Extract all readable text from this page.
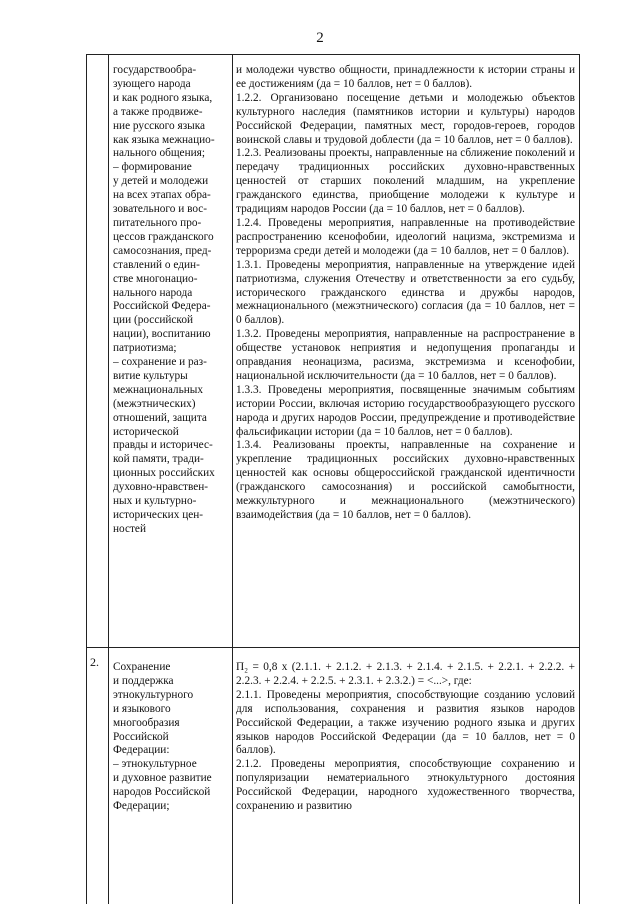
2
государствообра-
зующего народа
и как родного языка,
а также продвиже-
ние русского языка
как языка межнацио-
нального общения;
– формирование
у детей и молодежи
на всех этапах обра-
зовательного и вос-
питательного про-
цессов гражданского
самосознания, пред-
ставлений о един-
стве многонацио-
нального народа
Российской Федера-
ции (российской
нации), воспитанию
патриотизма;
– сохранение и раз-
витие культуры
межнациональных
(межэтнических)
отношений, защита
исторической
правды и историчес-
кой памяти, тради-
ционных российских
духовно-нравствен-
ных и культурно-
исторических цен-
ностей

и молодежи чувство общности, принадлежности к истории страны и ее достижениям (да = 10 баллов, нет = 0 баллов).

1.2.2. Организовано посещение детьми и молодежью объектов культурного наследия (памятников истории и культуры) народов Российской Федерации, памятных мест, городов-героев, городов воинской славы и трудовой доблести (да = 10 баллов, нет = 0 баллов).

1.2.3. Реализованы проекты, направленные на сближение поколений и передачу традиционных российских духовно-нравственных ценностей от старших поколений младшим, на укрепление гражданского единства, приобщение молодежи к культуре и традициям народов России (да = 10 баллов, нет = 0 баллов).

1.2.4. Проведены мероприятия, направленные на противодействие распространению ксенофобии, идеологий нацизма, экстремизма и терроризма среди детей и молодежи (да = 10 баллов, нет = 0 баллов).

1.3.1. Проведены мероприятия, направленные на утверждение идей патриотизма, служения Отечеству и ответственности за его судьбу, исторического гражданского единства и дружбы народов, межнационального (межэтнического) согласия (да = 10 баллов, нет = 0 баллов).

1.3.2. Проведены мероприятия, направленные на распространение в обществе установок неприятия и недопущения пропаганды и оправдания неонацизма, расизма, экстремизма и ксенофобии, национальной исключительности (да = 10 баллов, нет = 0 баллов).

1.3.3. Проведены мероприятия, посвященные значимым событиям истории России, включая историю государствообразующего русского народа и других народов России, предупреждение и противодействие фальсификации истории (да = 10 баллов, нет = 0 баллов).

1.3.4. Реализованы проекты, направленные на сохранение и укрепление традиционных российских духовно-нравственных ценностей как основы общероссийской гражданской идентичности (гражданского самосознания) и российской самобытности, межкультурного и межнационального (межэтнического) взаимодействия (да = 10 баллов, нет = 0 баллов).

2. Сохранение
и поддержка
этнокультурного
и языкового
многообразия
Российской
Федерации:
– этнокультурное
и духовное развитие
народов Российской
Федерации;

П₂ = 0,8 х (2.1.1. + 2.1.2. + 2.1.3. + 2.1.4. + 2.1.5. + 2.2.1. + 2.2.2. + 2.2.3. + 2.2.4. + 2.2.5. + 2.3.1. + 2.3.2.) = <...>, где:

2.1.1. Проведены мероприятия, способствующие созданию условий для использования, сохранения и развития языков народов Российской Федерации, а также изучению родного языка и других языков народов Российской Федерации (да = 10 баллов, нет = 0 баллов).

2.1.2. Проведены мероприятия, способствующие сохранению и популяризации нематериального этнокультурного достояния Российской Федерации, народного художественного творчества, сохранению и развитию
